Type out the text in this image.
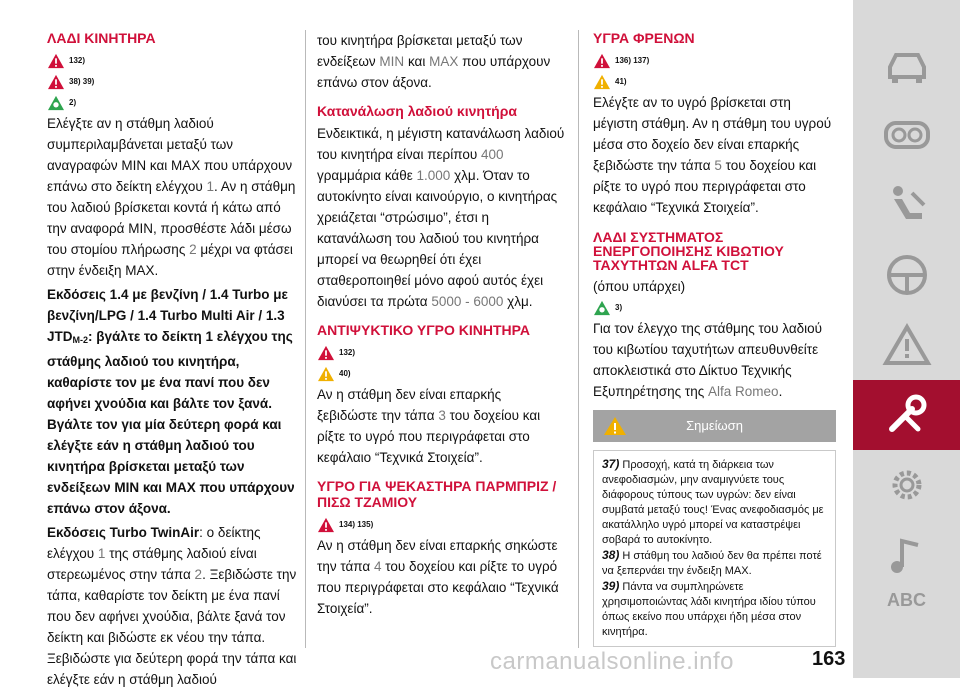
ΛΑΔΙ ΚΙΝΗΤΗΡΑ
132)
38) 39)
2)

Ελέγξτε αν η στάθμη λαδιού συμπεριλαμβάνεται μεταξύ των αναγραφών ΜΙΝ και ΜΑΧ που υπάρχουν επάνω στο δείκτη ελέγχου 1. Αν η στάθμη του λαδιού βρίσκεται κοντά ή κάτω από την αναφορά ΜΙΝ, προσθέστε λάδι μέσω του στομίου πλήρωσης 2 μέχρι να φτάσει στην ένδειξη ΜΑΧ.

Εκδόσεις 1.4 με βενζίνη / 1.4 Turbo με βενζίνη/LPG / 1.4 Turbo Multi Air / 1.3 $JTD_{M-2}$: βγάλτε το δείκτη 1 ελέγχου της στάθμης λαδιού του κινητήρα, καθαρίστε τον με ένα πανί που δεν αφήνει χνούδια και βάλτε τον ξανά. Βγάλτε τον για μία δεύτερη φορά και ελέγξτε εάν η στάθμη λαδιού του κινητήρα βρίσκεται μεταξύ των ενδείξεων MIN και MAX που υπάρχουν επάνω στον άξονα.

Εκδόσεις Turbo TwinAir: ο δείκτης ελέγχου 1 της στάθμης λαδιού είναι στερεωμένος στην τάπα 2. Ξεβιδώστε την τάπα, καθαρίστε τον δείκτη με ένα πανί που δεν αφήνει χνούδια, βάλτε ξανά τον δείκτη και βιδώστε εκ νέου την τάπα. Ξεβιδώστε για δεύτερη φορά την τάπα και ελέγξτε εάν η στάθμη λαδιού

του κινητήρα βρίσκεται μεταξύ των ενδείξεων ΜΙΝ και ΜΑΧ που υπάρχουν επάνω στον άξονα.

Κατανάλωση λαδιού κινητήρα

Ενδεικτικά, η μέγιστη κατανάλωση λαδιού του κινητήρα είναι περίπου 400 γραμμάρια κάθε 1.000 χλμ. Όταν το αυτοκίνητο είναι καινούργιο, ο κινητήρας χρειάζεται “στρώσιμο”, έτσι η κατανάλωση του λαδιού του κινητήρα μπορεί να θεωρηθεί ότι έχει σταθεροποιηθεί μόνο αφού αυτός έχει διανύσει τα πρώτα 5000 - 6000 χλμ.

ΑΝΤΙΨΥΚΤΙΚΟ ΥΓΡΟ ΚΙΝΗΤΗΡΑ
132)
40)

Αν η στάθμη δεν είναι επαρκής ξεβιδώστε την τάπα 3 του δοχείου και ρίξτε το υγρό που περιγράφεται στο κεφάλαιο “Τεχνικά Στοιχεία”.

ΥΓΡΟ ΓΙΑ ΨΕΚΑΣΤΗΡΑ ΠΑΡΜΠΡΙΖ / ΠΙΣΩ ΤΖΑΜΙΟΥ
134) 135)

Αν η στάθμη δεν είναι επαρκής σηκώστε την τάπα 4 του δοχείου και ρίξτε το υγρό που περιγράφεται στο κεφάλαιο “Τεχνικά Στοιχεία”.

ΥΓΡΑ ΦΡΕΝΩΝ
136) 137)
41)

Ελέγξτε αν το υγρό βρίσκεται στη μέγιστη στάθμη. Αν η στάθμη του υγρού μέσα στο δοχείο δεν είναι επαρκής ξεβιδώστε την τάπα 5 του δοχείου και ρίξτε το υγρό που περιγράφεται στο κεφάλαιο “Τεχνικά Στοιχεία”.

ΛΑΔΙ ΣΥΣΤΗΜΑΤΟΣ ΕΝΕΡΓΟΠΟΙΗΣΗΣ ΚΙΒΩΤΙΟΥ ΤΑΧΥΤΗΤΩΝ ALFA TCT

(όπου υπάρχει)

3)

Για τον έλεγχο της στάθμης του λαδιού του κιβωτίου ταχυτήτων απευθυνθείτε αποκλειστικά στο Δίκτυο Τεχνικής Εξυπηρέτησης της Alfa Romeo.

Σημείωση
37) Προσοχή, κατά τη διάρκεια των ανεφοδιασμών, μην αναμιγνύετε τους διάφορους τύπους των υγρών: δεν είναι συμβατά μεταξύ τους! Ένας ανεφοδιασμός με ακατάλληλο υγρό μπορεί να καταστρέψει σοβαρά το αυτοκίνητο.
38) Η στάθμη του λαδιού δεν θα πρέπει ποτέ να ξεπερνάει την ένδειξη MAX.
39) Πάντα να συμπληρώνετε χρησιμοποιώντας λάδι κινητήρα ιδίου τύπου όπως εκείνο που υπάρχει ήδη μέσα στον κινητήρα.
carmanualsonline.info	163
ABC
